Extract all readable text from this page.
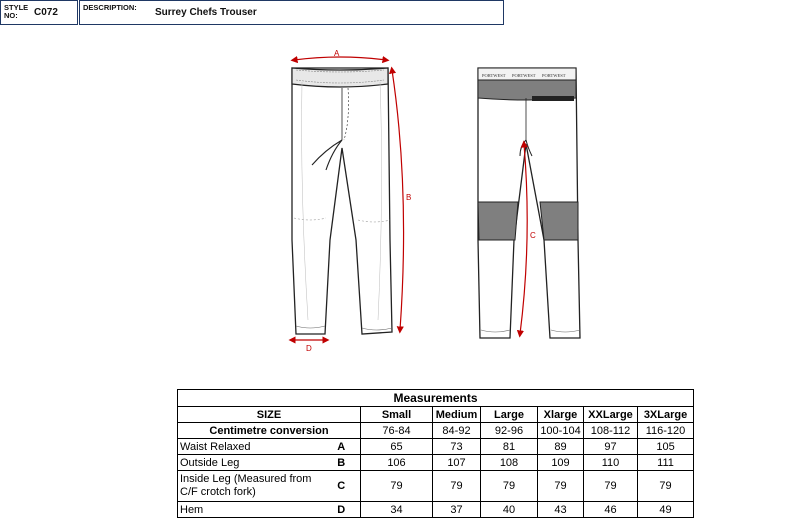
STYLE NO:	C072	DESCRIPTION: Surrey Chefs Trouser
A
B
D
PORTWEST PORTWEST PORTWEST
C
Measurements							
SIZE		Small	Medium	Large	Xlarge	XXLarge	3XLarge
Centimetre conversion		76-84	84-92	92-96	100-104	108-112	116-120
Waist Relaxed	A	65	73	81	89	97	105
Outside Leg	B	106	107	108	109	110	111
Inside Leg (Measured from C/F crotch fork)	C	79	79	79	79	79	79
Hem	D	34	37	40	43	46	49
